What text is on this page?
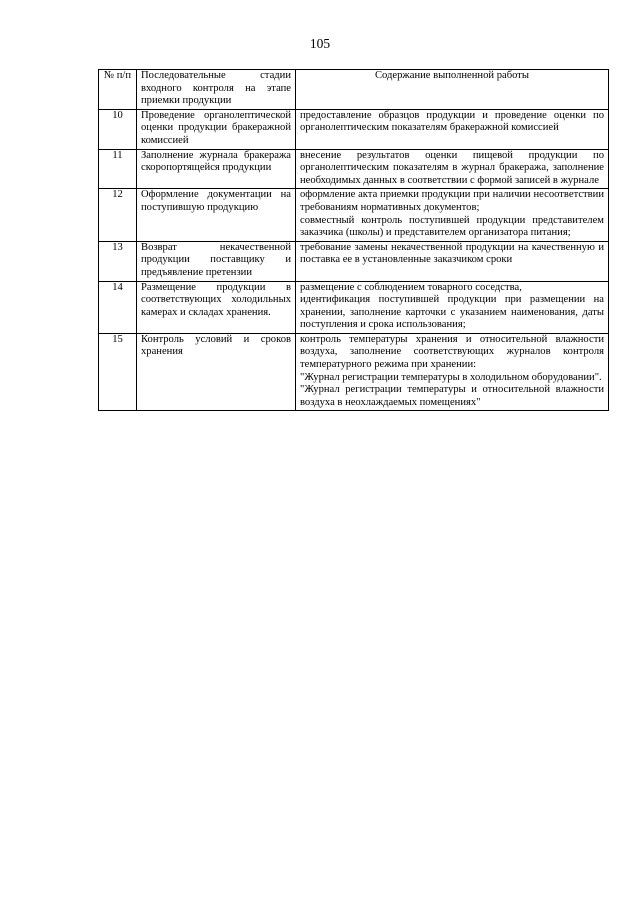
105
№ п/п	Последовательные стадии входного контроля на этапе приемки продукции	Содержание выполненной работы
10	Проведение органолептической оценки продукции бракеражной комиссией	предоставление образцов продукции и проведение оценки по органолептическим показателям бракеражной комиссией

11	Заполнение журнала бракеража скоропортящейся продукции	внесение результатов оценки пищевой продукции по органолептическим показателям в журнал бракеража, заполнение необходимых данных в соответствии с формой записей в журнале

12	Оформление документации на поступившую продукцию	оформление акта приемки продукции при наличии несоответствии требованиям нормативных документов;
совместный контроль поступившей продукции представителем заказчика (школы) и представителем организатора питания;

13	Возврат некачественной продукции поставщику и предъявление претензии	требование замены некачественной продукции на качественную и поставка ее в установленные заказчиком сроки

14	Размещение продукции в соответствующих холодильных камерах и складах хранения.	размещение с соблюдением товарного соседства,
идентификация поступившей продукции при размещении на хранении, заполнение карточки с указанием наименования, даты поступления и срока использования;

15	Контроль условий и сроков хранения	контроль температуры хранения и относительной влажности воздуха, заполнение соответствующих журналов контроля температурного режима при хранении:
"Журнал регистрации температуры в холодильном оборудовании".
"Журнал регистрации температуры и относительной влажности воздуха в неохлаждаемых помещениях"
